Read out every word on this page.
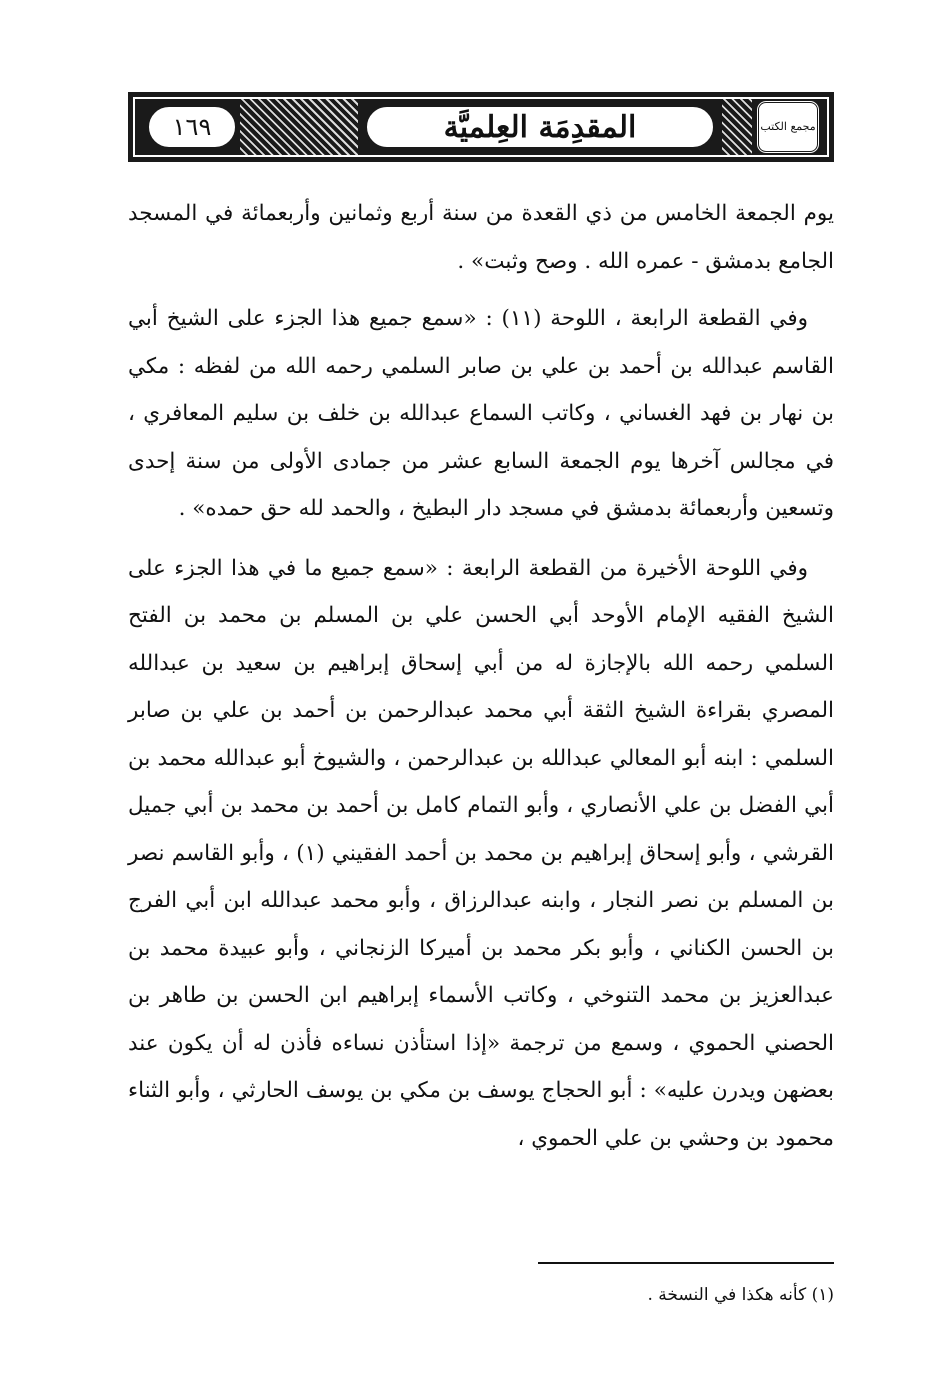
١٦٩	المقدِمَة العِلميَّة	مجمع الكتب

يوم الجمعة الخامس من ذي القعدة من سنة أربع وثمانين وأربعمائة في المسجد الجامع بدمشق - عمره الله . وصح وثبت» .

وفي القطعة الرابعة ، اللوحة (١١) : «سمع جميع هذا الجزء على الشيخ أبي القاسم عبدالله بن أحمد بن علي بن صابر السلمي رحمه الله من لفظه : مكي بن نهار بن فهد الغساني ، وكاتب السماع عبدالله بن خلف بن سليم المعافري ، في مجالس آخرها يوم الجمعة السابع عشر من جمادى الأولى من سنة إحدى وتسعين وأربعمائة بدمشق في مسجد دار البطيخ ، والحمد لله حق حمده» .

وفي اللوحة الأخيرة من القطعة الرابعة : «سمع جميع ما في هذا الجزء على الشيخ الفقيه الإمام الأوحد أبي الحسن علي بن المسلم بن محمد بن الفتح السلمي رحمه الله بالإجازة له من أبي إسحاق إبراهيم بن سعيد بن عبدالله المصري بقراءة الشيخ الثقة أبي محمد عبدالرحمن بن أحمد بن علي بن صابر السلمي : ابنه أبو المعالي عبدالله بن عبدالرحمن ، والشيوخ أبو عبدالله محمد بن أبي الفضل بن علي الأنصاري ، وأبو التمام كامل بن أحمد بن محمد بن أبي جميل القرشي ، وأبو إسحاق إبراهيم بن محمد بن أحمد الفقيني (١) ، وأبو القاسم نصر بن المسلم بن نصر النجار ، وابنه عبدالرزاق ، وأبو محمد عبدالله ابن أبي الفرج بن الحسن الكناني ، وأبو بكر محمد بن أميركا الزنجاني ، وأبو عبيدة محمد بن عبدالعزيز بن محمد التنوخي ، وكاتب الأسماء إبراهيم ابن الحسن بن طاهر بن الحصني الحموي ، وسمع من ترجمة «إذا استأذن نساءه فأذن له أن يكون عند بعضهن ويدرن عليه» : أبو الحجاج يوسف بن مكي بن يوسف الحارثي ، وأبو الثناء محمود بن وحشي بن علي الحموي ،

(١) كأنه هكذا في النسخة .
